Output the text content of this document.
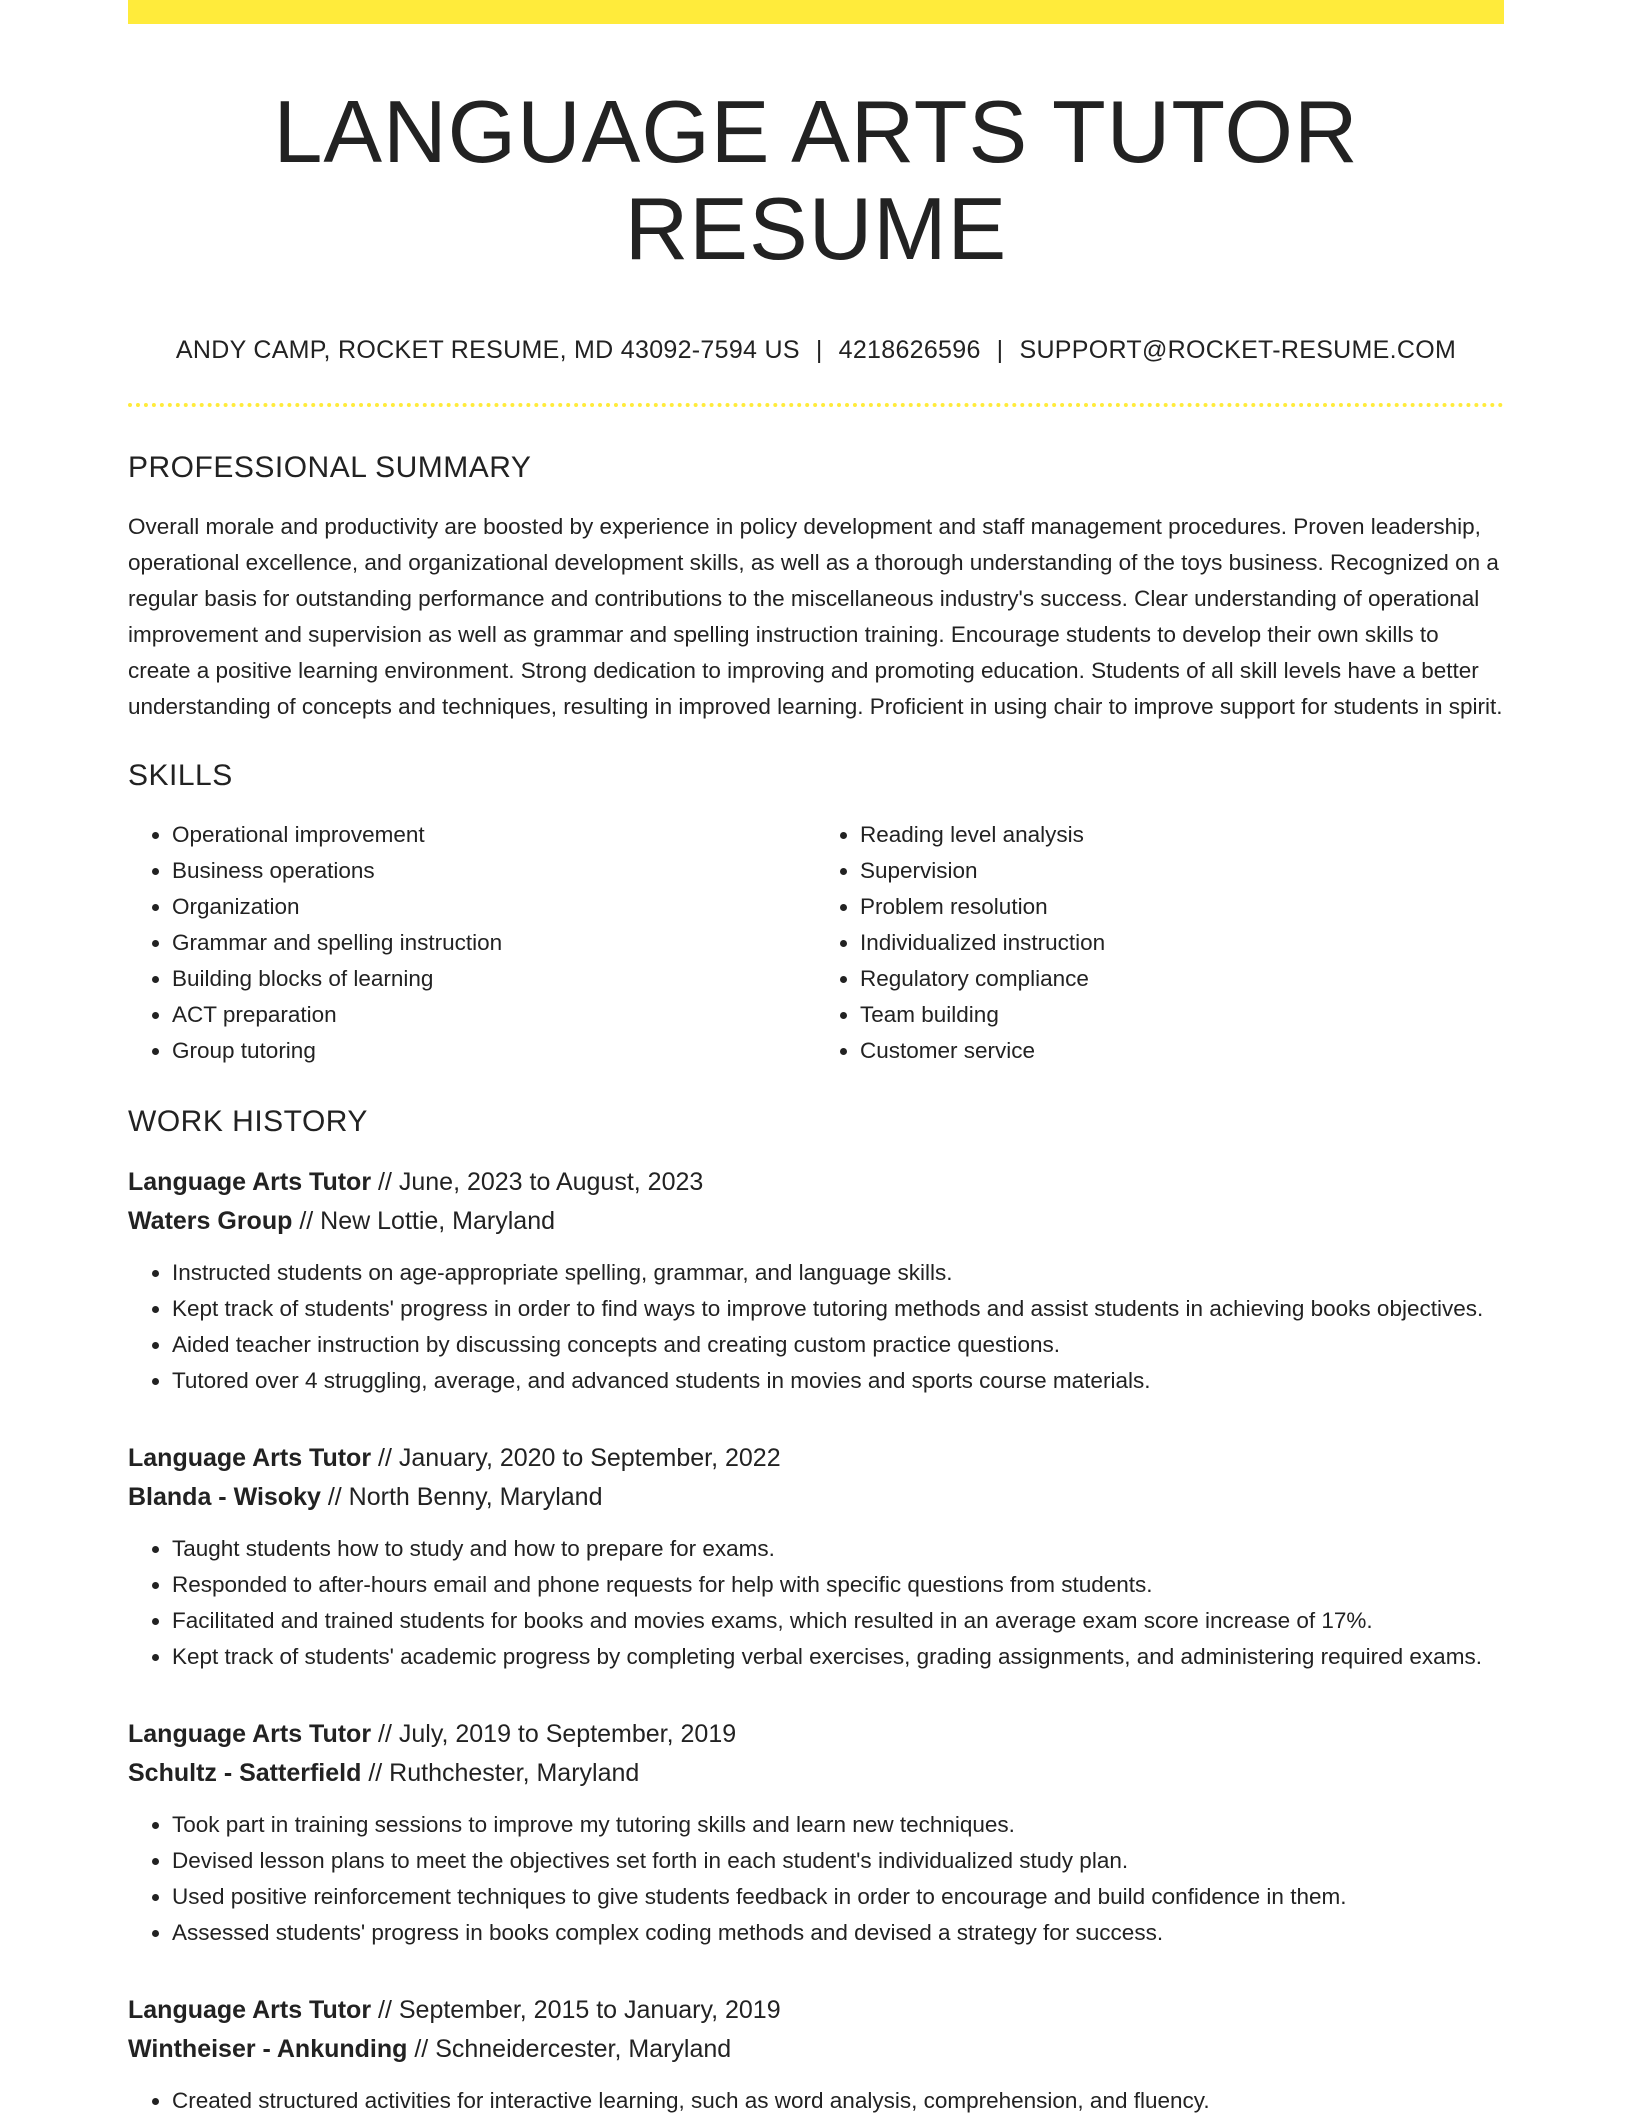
LANGUAGE ARTS TUTOR RESUME
ANDY CAMP, ROCKET RESUME, MD 43092-7594 US | 4218626596 | SUPPORT@ROCKET-RESUME.COM
PROFESSIONAL SUMMARY
Overall morale and productivity are boosted by experience in policy development and staff management procedures. Proven leadership, operational excellence, and organizational development skills, as well as a thorough understanding of the toys business. Recognized on a regular basis for outstanding performance and contributions to the miscellaneous industry's success. Clear understanding of operational improvement and supervision as well as grammar and spelling instruction training. Encourage students to develop their own skills to create a positive learning environment. Strong dedication to improving and promoting education. Students of all skill levels have a better understanding of concepts and techniques, resulting in improved learning. Proficient in using chair to improve support for students in spirit.
SKILLS
• Operational improvement
• Business operations
• Organization
• Grammar and spelling instruction
• Building blocks of learning
• ACT preparation
• Group tutoring
• Reading level analysis
• Supervision
• Problem resolution
• Individualized instruction
• Regulatory compliance
• Team building
• Customer service
WORK HISTORY
Language Arts Tutor // June, 2023 to August, 2023
Waters Group // New Lottie, Maryland
• Instructed students on age-appropriate spelling, grammar, and language skills.
• Kept track of students' progress in order to find ways to improve tutoring methods and assist students in achieving books objectives.
• Aided teacher instruction by discussing concepts and creating custom practice questions.
• Tutored over 4 struggling, average, and advanced students in movies and sports course materials.
Language Arts Tutor // January, 2020 to September, 2022
Blanda - Wisoky // North Benny, Maryland
• Taught students how to study and how to prepare for exams.
• Responded to after-hours email and phone requests for help with specific questions from students.
• Facilitated and trained students for books and movies exams, which resulted in an average exam score increase of 17%.
• Kept track of students' academic progress by completing verbal exercises, grading assignments, and administering required exams.
Language Arts Tutor // July, 2019 to September, 2019
Schultz - Satterfield // Ruthchester, Maryland
• Took part in training sessions to improve my tutoring skills and learn new techniques.
• Devised lesson plans to meet the objectives set forth in each student's individualized study plan.
• Used positive reinforcement techniques to give students feedback in order to encourage and build confidence in them.
• Assessed students' progress in books complex coding methods and devised a strategy for success.
Language Arts Tutor // September, 2015 to January, 2019
Wintheiser - Ankunding // Schneidercester, Maryland
• Created structured activities for interactive learning, such as word analysis, comprehension, and fluency.
